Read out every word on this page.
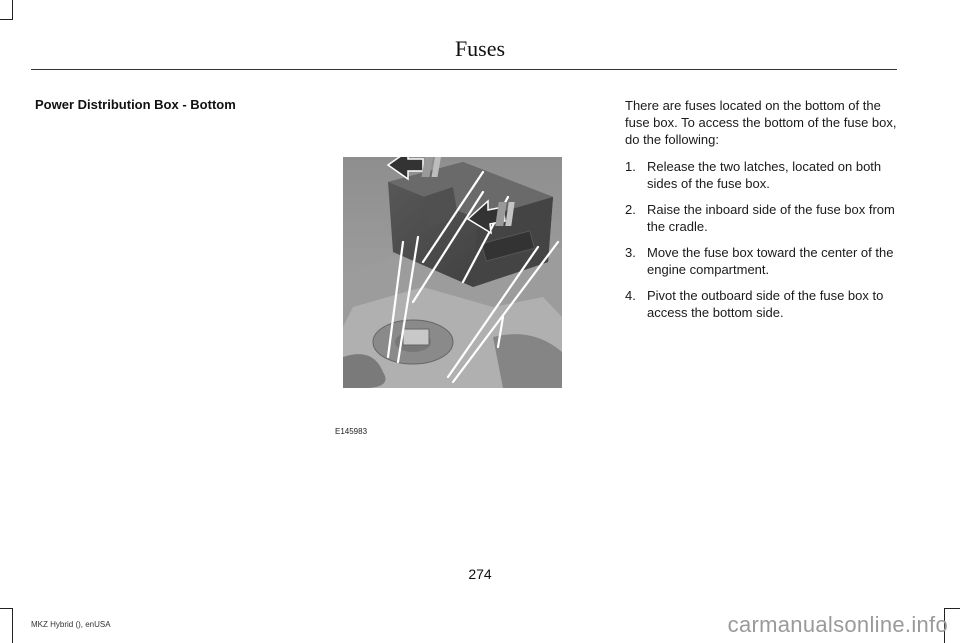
Fuses
Power Distribution Box - Bottom
E145983

There are fuses located on the bottom of the fuse box. To access the bottom of the fuse box, do the following:

1. Release the two latches, located on both sides of the fuse box.
2. Raise the inboard side of the fuse box from the cradle.
3. Move the fuse box toward the center of the engine compartment.
4. Pivot the outboard side of the fuse box to access the bottom side.
274
MKZ Hybrid (), enUSA	carmanualsonline.info
